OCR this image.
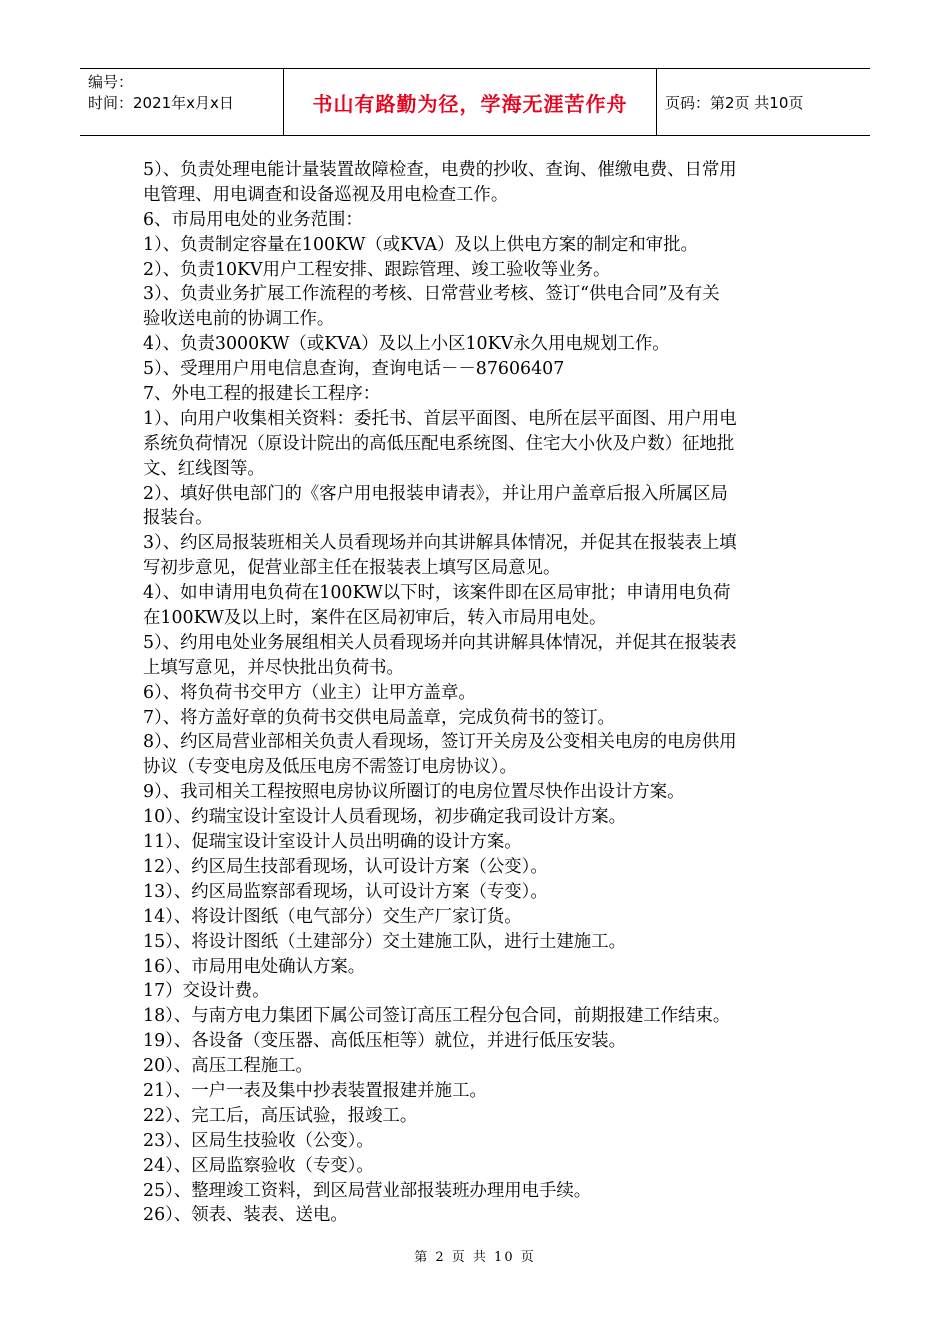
编号：
时间：2021年x月x日	书山有路勤为径，学海无涯苦作舟	页码：第2页 共10页
5）、负责处理电能计量装置故障检查，电费的抄收、查询、催缴电费、日常用
电管理、用电调查和设备巡视及用电检查工作。
6、市局用电处的业务范围：
1）、负责制定容量在100KW（或KVA）及以上供电方案的制定和审批。
2）、负责10KV用户工程安排、跟踪管理、竣工验收等业务。
3）、负责业务扩展工作流程的考核、日常营业考核、签订“供电合同”及有关
验收送电前的协调工作。
4）、负责3000KW（或KVA）及以上小区10KV永久用电规划工作。
5）、受理用户用电信息查询，查询电话－－87606407
7、外电工程的报建长工程序：
1）、向用户收集相关资料：委托书、首层平面图、电所在层平面图、用户用电
系统负荷情况（原设计院出的高低压配电系统图、住宅大小伙及户数）征地批
文、红线图等。
2）、填好供电部门的《客户用电报装申请表》，并让用户盖章后报入所属区局
报装台。
3）、约区局报装班相关人员看现场并向其讲解具体情况，并促其在报装表上填
写初步意见，促营业部主任在报装表上填写区局意见。
4）、如申请用电负荷在100KW以下时，该案件即在区局审批；申请用电负荷
在100KW及以上时，案件在区局初审后，转入市局用电处。
5）、约用电处业务展组相关人员看现场并向其讲解具体情况，并促其在报装表
上填写意见，并尽快批出负荷书。
6）、将负荷书交甲方（业主）让甲方盖章。
7）、将方盖好章的负荷书交供电局盖章，完成负荷书的签订。
8）、约区局营业部相关负责人看现场，签订开关房及公变相关电房的电房供用
协议（专变电房及低压电房不需签订电房协议）。
9）、我司相关工程按照电房协议所圈订的电房位置尽快作出设计方案。
10）、约瑞宝设计室设计人员看现场，初步确定我司设计方案。
11）、促瑞宝设计室设计人员出明确的设计方案。
12）、约区局生技部看现场，认可设计方案（公变）。
13）、约区局监察部看现场，认可设计方案（专变）。
14）、将设计图纸（电气部分）交生产厂家订货。
15）、将设计图纸（土建部分）交土建施工队，进行土建施工。
16）、市局用电处确认方案。
17）交设计费。
18）、与南方电力集团下属公司签订高压工程分包合同，前期报建工作结束。
19）、各设备（变压器、高低压柜等）就位，并进行低压安装。
20）、高压工程施工。
21）、一户一表及集中抄表装置报建并施工。
22）、完工后，高压试验，报竣工。
23）、区局生技验收（公变）。
24）、区局监察验收（专变）。
25）、整理竣工资料，到区局营业部报装班办理用电手续。
26）、领表、装表、送电。
第 2 页 共 10 页
